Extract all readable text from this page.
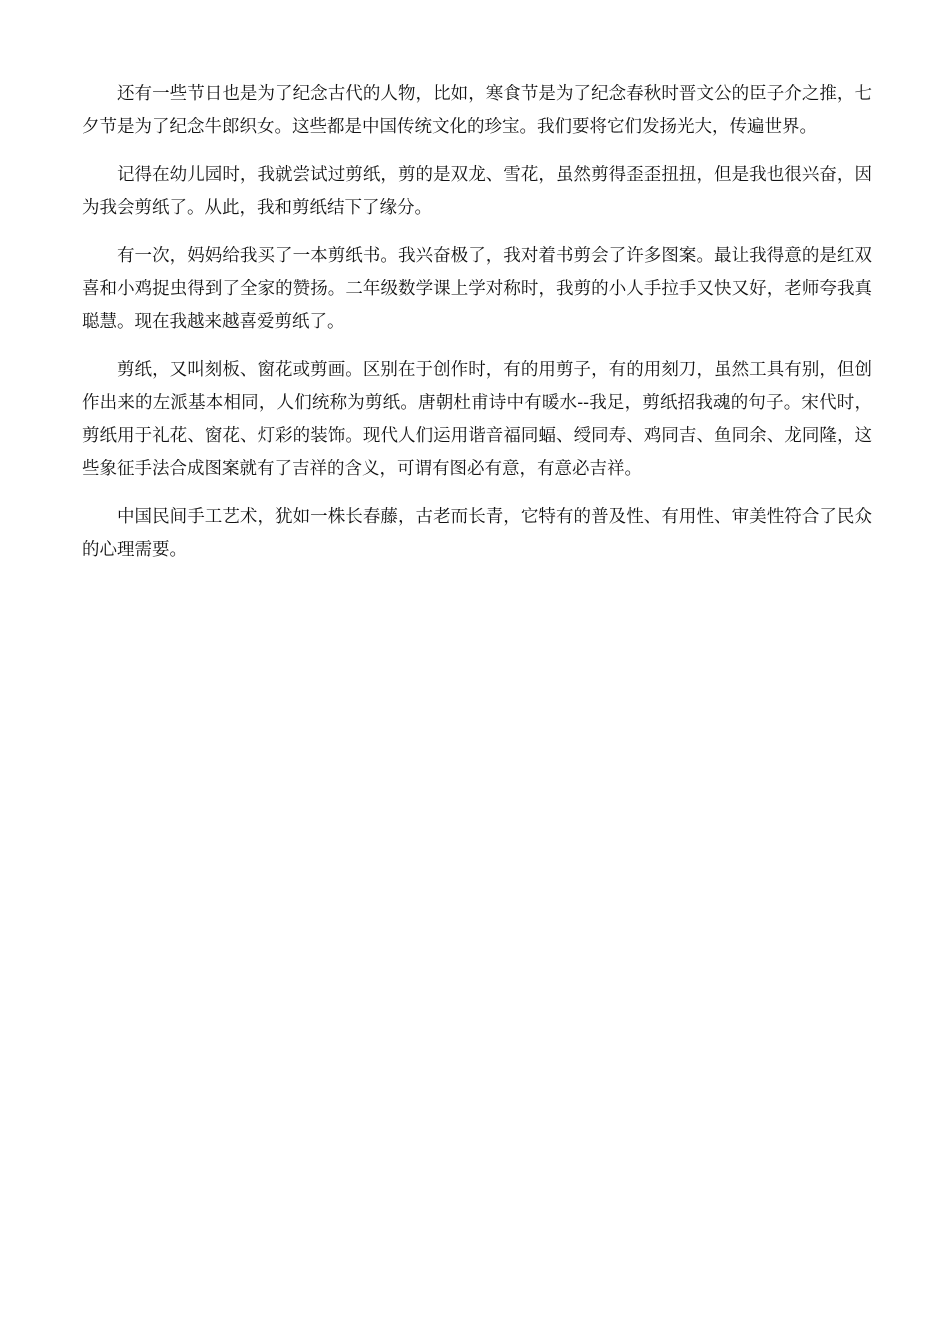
还有一些节日也是为了纪念古代的人物，比如，寒食节是为了纪念春秋时晋文公的臣子介之推，七夕节是为了纪念牛郎织女。这些都是中国传统文化的珍宝。我们要将它们发扬光大，传遍世界。

记得在幼儿园时，我就尝试过剪纸，剪的是双龙、雪花，虽然剪得歪歪扭扭，但是我也很兴奋，因为我会剪纸了。从此，我和剪纸结下了缘分。

有一次，妈妈给我买了一本剪纸书。我兴奋极了，我对着书剪会了许多图案。最让我得意的是红双喜和小鸡捉虫得到了全家的赞扬。二年级数学课上学对称时，我剪的小人手拉手又快又好，老师夸我真聪慧。现在我越来越喜爱剪纸了。

剪纸，又叫刻板、窗花或剪画。区别在于创作时，有的用剪子，有的用刻刀，虽然工具有别，但创作出来的左派基本相同，人们统称为剪纸。唐朝杜甫诗中有暖水--我足，剪纸招我魂的句子。宋代时，剪纸用于礼花、窗花、灯彩的装饰。现代人们运用谐音福同蝠、绶同寿、鸡同吉、鱼同余、龙同隆，这些象征手法合成图案就有了吉祥的含义，可谓有图必有意，有意必吉祥。

中国民间手工艺术，犹如一株长春藤，古老而长青，它特有的普及性、有用性、审美性符合了民众的心理需要。
